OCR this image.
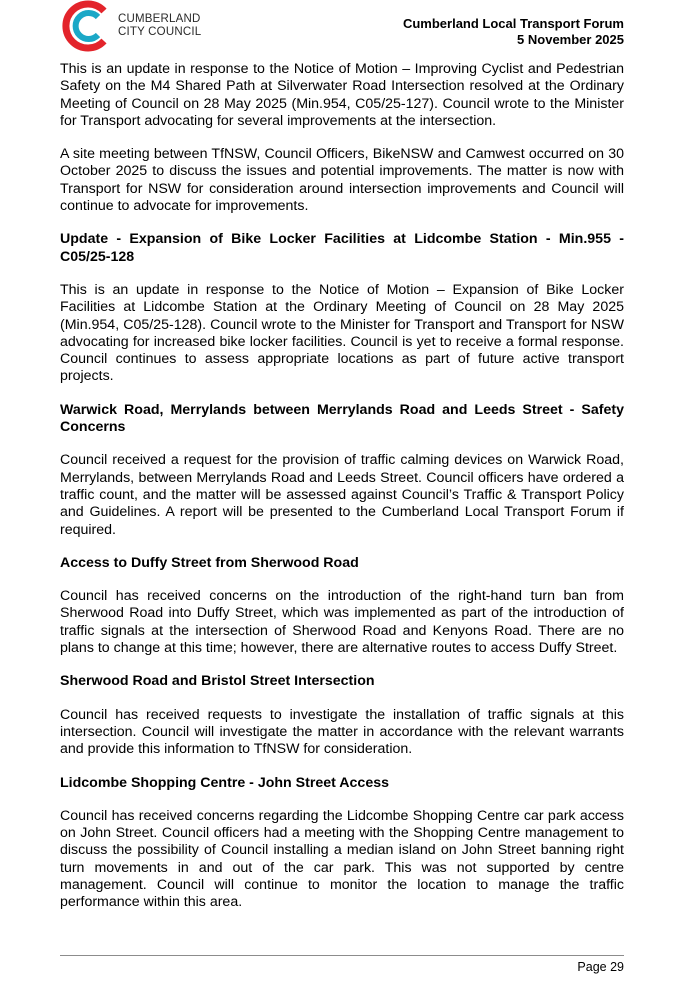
CUMBERLAND
CITY COUNCIL
Cumberland Local Transport Forum
5 November 2025

This is an update in response to the Notice of Motion – Improving Cyclist and Pedestrian Safety on the M4 Shared Path at Silverwater Road Intersection resolved at the Ordinary Meeting of Council on 28 May 2025 (Min.954, C05/25-127). Council wrote to the Minister for Transport advocating for several improvements at the intersection.

A site meeting between TfNSW, Council Officers, BikeNSW and Camwest occurred on 30 October 2025 to discuss the issues and potential improvements. The matter is now with Transport for NSW for consideration around intersection improvements and Council will continue to advocate for improvements.

Update - Expansion of Bike Locker Facilities at Lidcombe Station - Min.955 - C05/25-128

This is an update in response to the Notice of Motion – Expansion of Bike Locker Facilities at Lidcombe Station at the Ordinary Meeting of Council on 28 May 2025 (Min.954, C05/25-128). Council wrote to the Minister for Transport and Transport for NSW advocating for increased bike locker facilities. Council is yet to receive a formal response. Council continues to assess appropriate locations as part of future active transport projects.

Warwick Road, Merrylands between Merrylands Road and Leeds Street - Safety Concerns

Council received a request for the provision of traffic calming devices on Warwick Road, Merrylands, between Merrylands Road and Leeds Street. Council officers have ordered a traffic count, and the matter will be assessed against Council’s Traffic & Transport Policy and Guidelines. A report will be presented to the Cumberland Local Transport Forum if required.

Access to Duffy Street from Sherwood Road

Council has received concerns on the introduction of the right-hand turn ban from Sherwood Road into Duffy Street, which was implemented as part of the introduction of traffic signals at the intersection of Sherwood Road and Kenyons Road. There are no plans to change at this time; however, there are alternative routes to access Duffy Street.

Sherwood Road and Bristol Street Intersection

Council has received requests to investigate the installation of traffic signals at this intersection. Council will investigate the matter in accordance with the relevant warrants and provide this information to TfNSW for consideration.

Lidcombe Shopping Centre - John Street Access

Council has received concerns regarding the Lidcombe Shopping Centre car park access on John Street. Council officers had a meeting with the Shopping Centre management to discuss the possibility of Council installing a median island on John Street banning right turn movements in and out of the car park. This was not supported by centre management. Council will continue to monitor the location to manage the traffic performance within this area.

Page 29
